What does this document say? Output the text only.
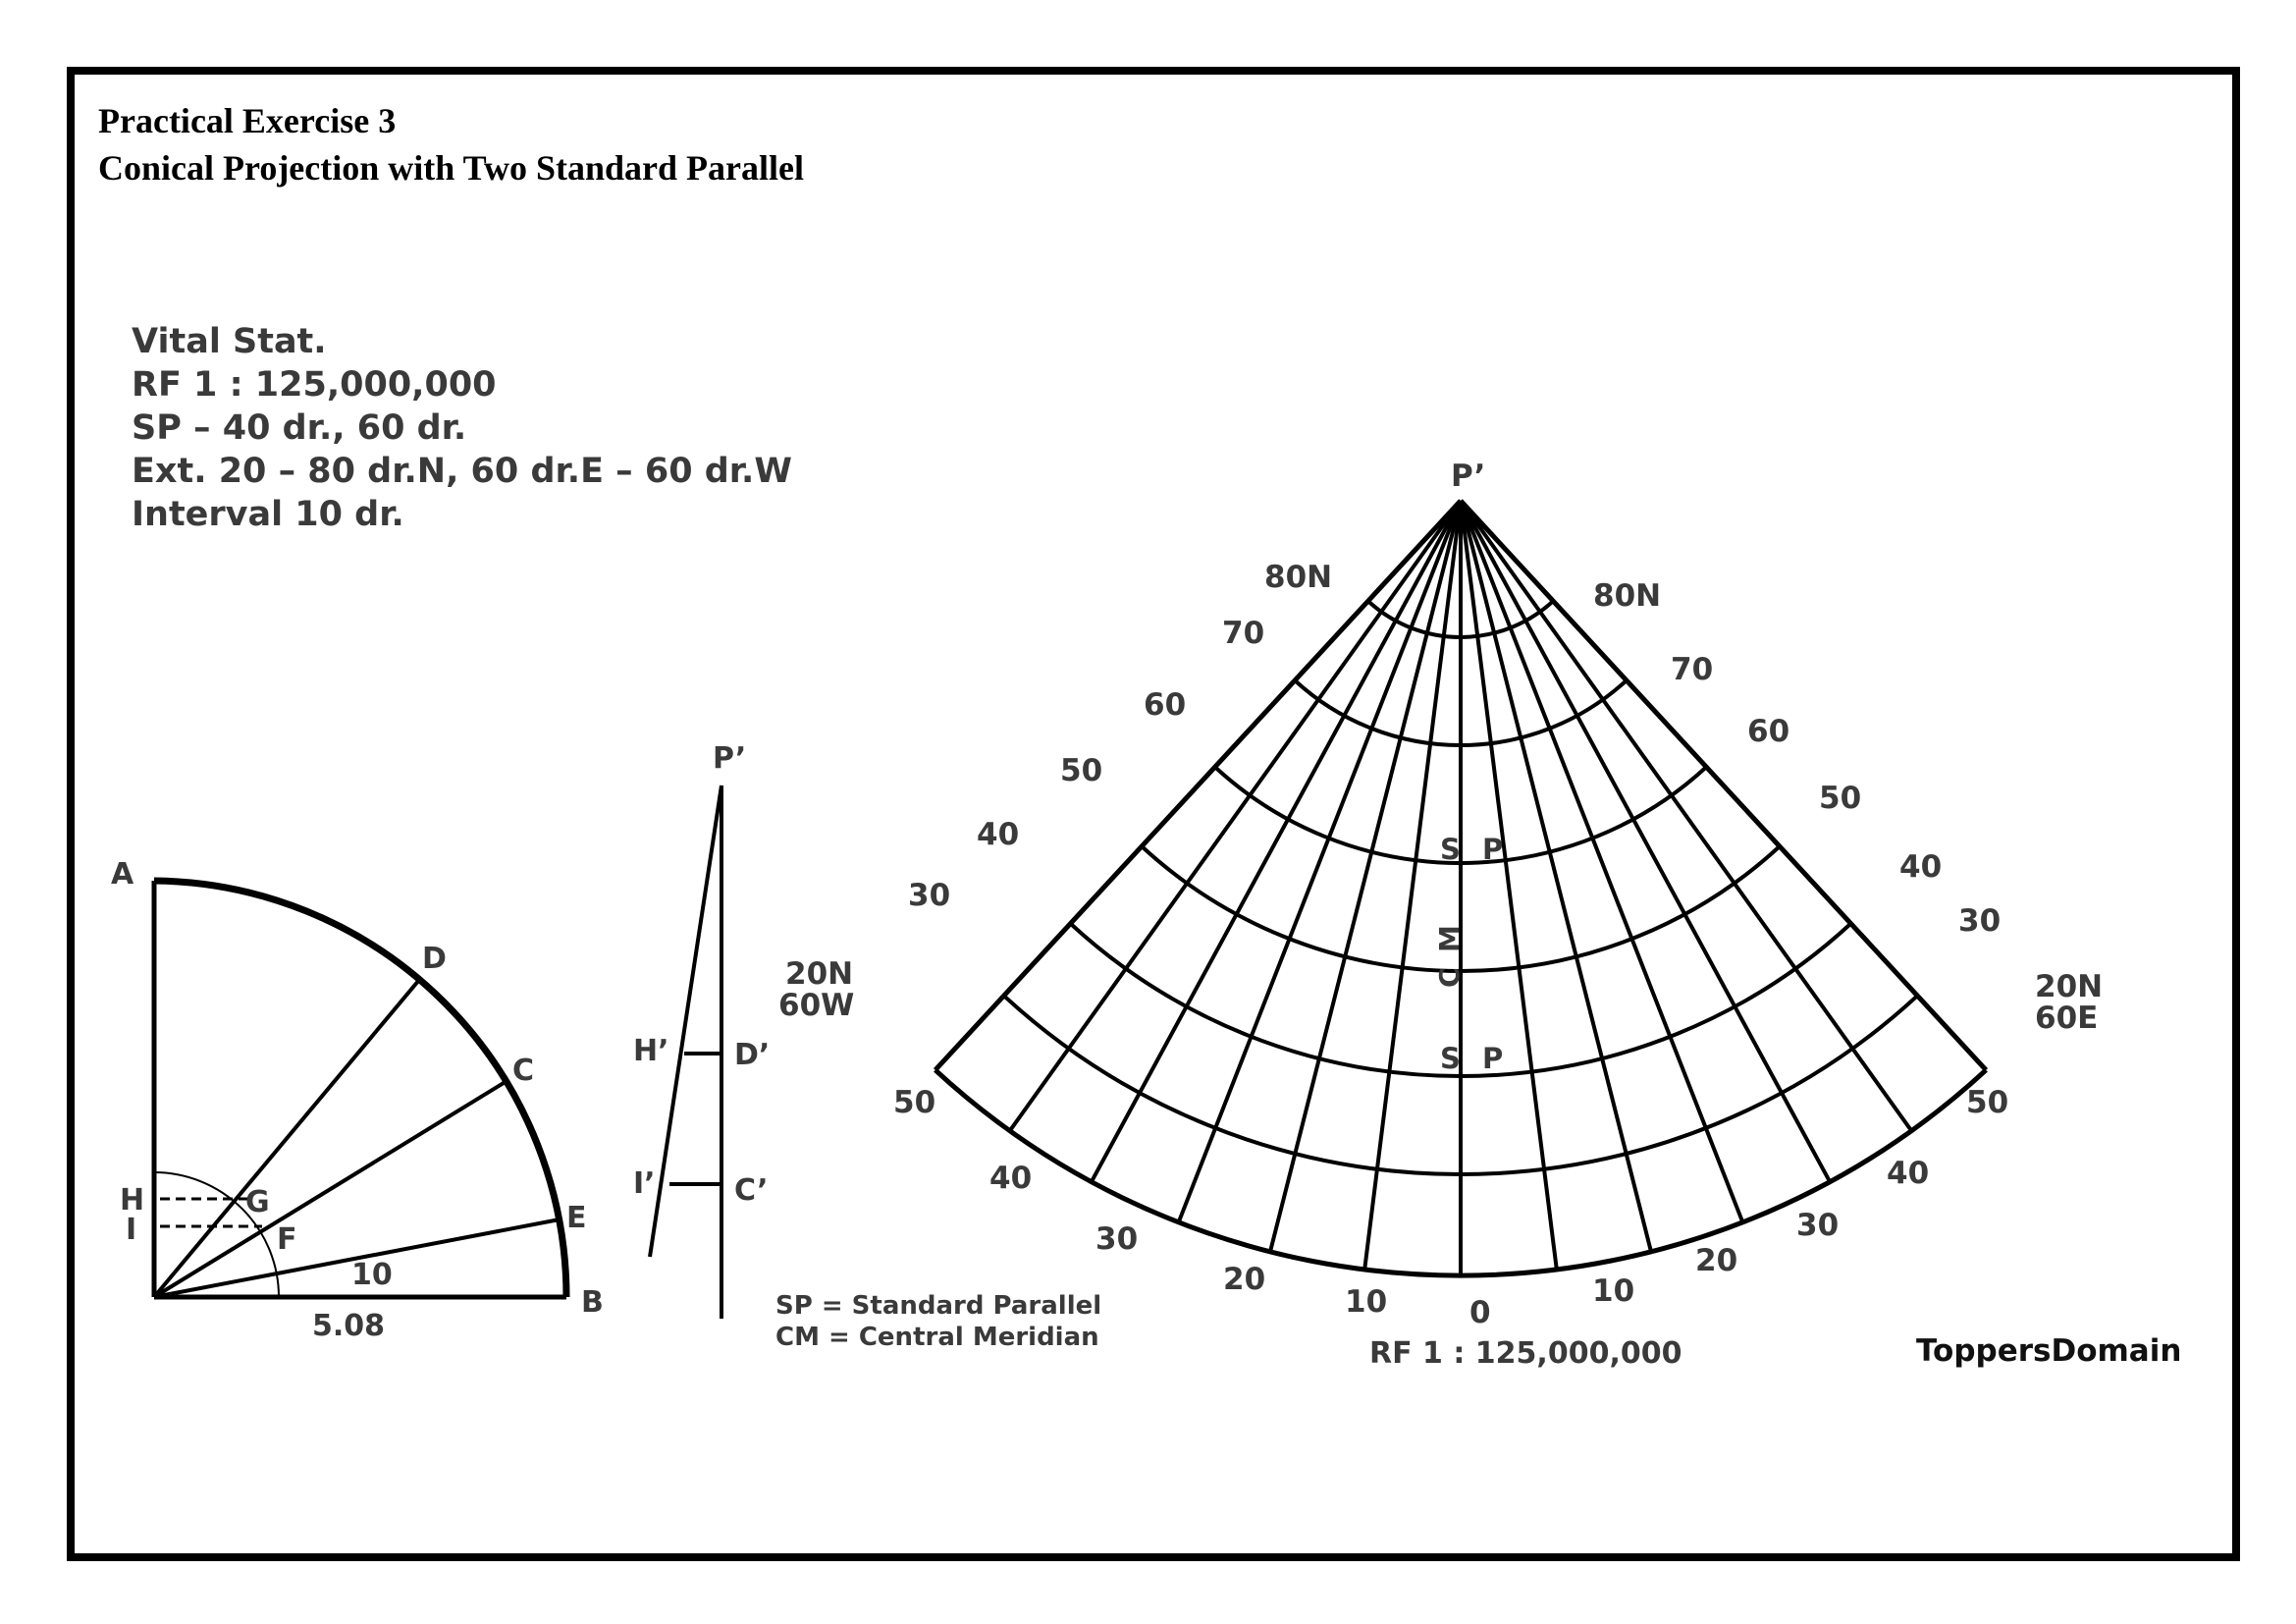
Practical Exercise 3
Conical Projection with Two Standard Parallel
Vital Stat.
RF 1 : 125,000,000
SP – 40 dr., 60 dr.
Ext. 20 – 80 dr.N, 60 dr.E – 60 dr.W
Interval 10 dr.
A
D
C
E
B
G
F
H
I
10
5.08
P’
H’ D’
I’	C’
SP = Standard Parallel
CM = Central Meridian
P’
80N
70
60
50
40
30
20N
60W
80N
70
60
50
40
30
20N
60E
50
40
30
20
10	0
10
20
30
40
50
S P
S P
C
M
RF 1 : 125,000,000	ToppersDomain
